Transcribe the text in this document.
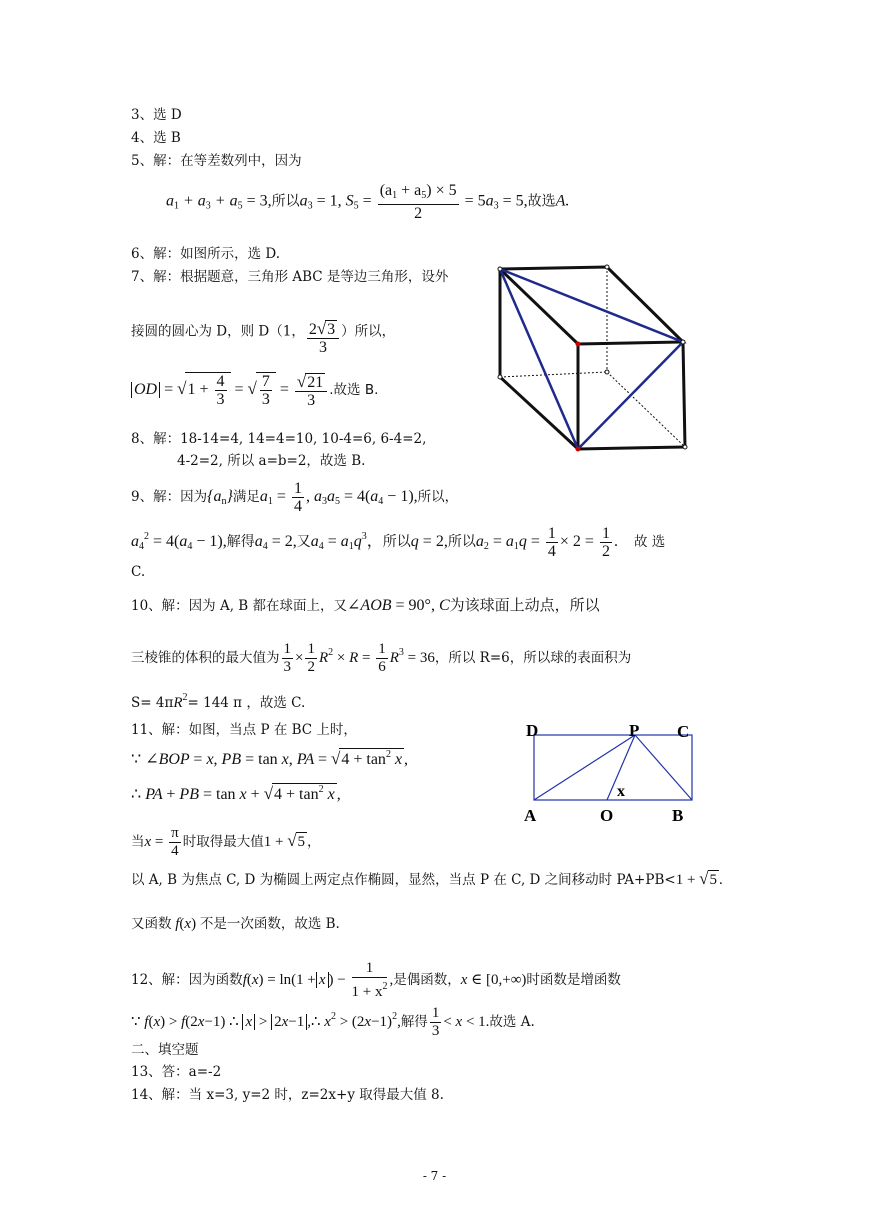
3、选 D
4、选 B
5、解：在等差数列中，因为
$a_1 + a_3 + a_5 = 3$,所以$a_3 = 1$, $S_5 = \frac{(a_1 + a_5) \times 5}{2} = 5a_3 = 5$,故选A.
6、解：如图所示，选 D.
7、解：根据题意，三角形 ABC 是等边三角形，设外
接圆的圆心为 D，则 D（1， $\frac{2√3}{3}$ ）所以，
OD = $√1 + \frac{4}{3}$ = √ $\frac{7}{3} = \frac{√21}{3}$ .故选 B.
8、解：18-14=4, 14=4=10, 10-4=6, 6-4=2,
4-2=2, 所以 a=b=2，故选 B.
9、解：因为$\{a_n\}$满足$a_1 = \frac{1}{4}$ , $a_3a_5 = 4(a_4 - 1)$,所以，
$a_4^2 = 4(a_4 - 1)$,解得$a_4 = 2$,又$a_4 = a_1q^3$，所以q = 2,所以$a_2 = a_1q = \frac{1}{4} \times 2 = \frac{1}{2}$ . 故 选
C.
10、解：因为 A, B 都在球面上，又∠AOB = 90°, C为该球面上动点，所以
三棱锥的体积的最大值为 $\frac{1}{3} \times \frac{1}{2} R^2 \times R = \frac{1}{6} R^3 = 36$，所以 R=6，所以球的表面积为
$S= 4\pi R^2= 144$ π ，故选 C.
11、解：如图，当点 P 在 BC 上时，
∵ ∠BOP = x, PB = tan x, PA = $√4 + \tan^2 x$ ,
∴ PA + PB = $\tan x + √4 + \tan^2 x$ ,
当$x = \frac{\pi}{4}$ 时取得最大值1 + √5 ，
以 A, B 为焦点 C, D 为椭圆上两定点作椭圆，显然，当点 P 在 C, D 之间移动时 PA+PB<1 + √5 .
又函数 f(x) 不是一次函数，故选 B.
D	P C
A	O	B
x
12、解：因为函数f(x) = ln(1 + x ) − $\frac{1}{1 + x^2}$ ,是偶函数，x ∈ [0,+∞)时函数是增函数
∵ f(x) > f(2x−1) ∴ x > 2x−1 ,∴ $x^2 > (2x-1)^2$,解得 $\frac{1}{3} < x < 1$.故选 A.
二、填空题
13、答：a=-2
14、解：当 x=3, y=2 时，z=2x+y 取得最大值 8.
- 7 -
